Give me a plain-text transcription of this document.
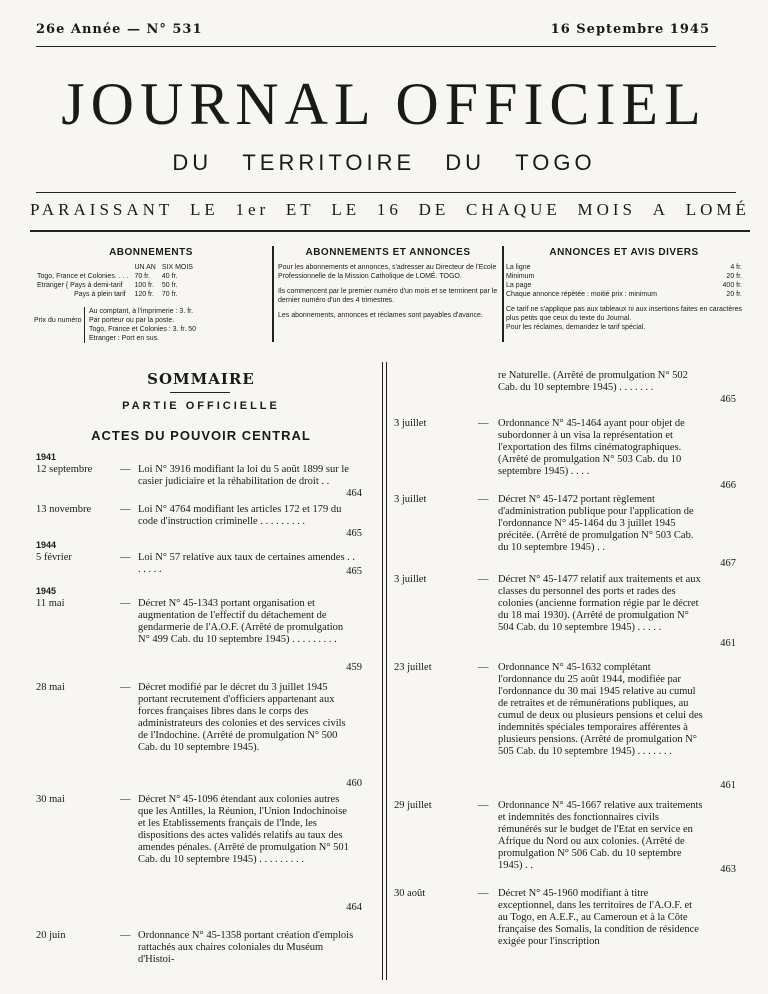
26e Année — N° 531	16 Septembre 1945
JOURNAL OFFICIEL
DU TERRITOIRE DU TOGO
PARAISSANT LE 1er ET LE 16 DE CHAQUE MOIS A LOMÉ
ABONNEMENTS
	UN AN	SIX MOIS
Togo, France et Colonies. . . .	70 fr.	40 fr.
Etranger { Pays à demi-tarif	100 fr.	50 fr.
Pays à plein tarif	120 fr.	70 fr.
Prix du numéro
Au comptant, à l'imprimerie : 3. fr.
Par porteur ou par la poste.
Togo, France et Colonies : 3. fr. 50
Etranger : Port en sus.
ABONNEMENTS ET ANNONCES

Pour les abonnements et annonces, s'adresser au Directeur de l'Ecole Professionnelle de la Mission Catholique de LOMÉ. TOGO.

Ils commencent par le premier numéro d'un mois et se terminent par le dernier numéro d'un des 4 trimestres.

Les abonnements, annonces et réclames sont payables d'avance.

ANNONCES ET AVIS DIVERS
La ligne	4 fr.
Minimum	20 fr.
La page	400 fr.
Chaque annonce répétée : moitié prix : minimum	20 fr.

Ce tarif ne s'applique pas aux tableaux ni aux insertions faites en caractères plus petits que ceux du texte du Journal.

Pour les réclames, demandez le tarif spécial.

SOMMAIRE
PARTIE OFFICIELLE
ACTES DU POUVOIR CENTRAL
1941
12 septembre	— Loi N° 3916 modifiant la loi du 5 août 1899 sur le casier judiciaire et la réhabilitation de droit . .
464
13 novembre	— Loi N° 4764 modifiant les articles 172 et 179 du code d'instruction criminelle . . . . . . . . .
465
1944
5 février	— Loi N° 57 relative aux taux de certaines amendes . . . . . . .	465
1945
11 mai	— Décret N° 45-1343 portant organisation et augmentation de l'effectif du détachement de gendarmerie de l'A.O.F. (Arrêté de promulgation N° 499 Cab. du 10 septembre 1945) . . . . . . . . .
459
28 mai	— Décret modifié par le décret du 3 juillet 1945 portant recrutement d'officiers appartenant aux forces françaises libres dans le corps des administrateurs des colonies et des services civils de l'Indochine. (Arrêté de promulgation N° 500 Cab. du 10 septembre 1945).
460
30 mai	— Décret N° 45-1096 étendant aux colonies autres que les Antilles, la Réunion, l'Union Indochinoise et les Etablissements français de l'Inde, les dispositions des actes validés relatifs au taux des amendes pénales. (Arrêté de promulgation N° 501 Cab. du 10 septembre 1945) . . . . . . . . .
464
20 juin	— Ordonnance N° 45-1358 portant création d'emplois rattachés aux chaires coloniales du Muséum d'Histoi-
re Naturelle. (Arrêté de promulgation N° 502 Cab. du 10 septembre 1945) . . . . . . .
465
3 juillet	— Ordonnance N° 45-1464 ayant pour objet de subordonner à un visa la représentation et l'exportation des films cinématographiques. (Arrêté de promulgation N° 503 Cab. du 10 septembre 1945) . . . .
466
3 juillet	— Décret N° 45-1472 portant règlement d'administration publique pour l'application de l'ordonnance N° 45-1464 du 3 juillet 1945 précitée. (Arrêté de promulgation N° 503 Cab. du 10 septembre 1945) . .
467
3 juillet	— Décret N° 45-1477 relatif aux traitements et aux classes du personnel des ports et rades des colonies (ancienne formation régie par le décret du 18 mai 1930). (Arrêté de promulgation N° 504 Cab. du 10 septembre 1945) . . . . .
461
23 juillet	— Ordonnance N° 45-1632 complétant l'ordonnance du 25 août 1944, modifiée par l'ordonnance du 30 mai 1945 relative au cumul de retraites et de rémunérations publiques, au cumul de deux ou plusieurs pensions et celui des indemnités spéciales temporaires afférentes à plusieurs pensions. (Arrêté de promulgation N° 505 Cab. du 10 septembre 1945) . . . . . . .
461
29 juillet	— Ordonnance N° 45-1667 relative aux traitements et indemnités des fonctionnaires civils rémunérés sur le budget de l'Etat en service en Afrique du Nord ou aux colonies. (Arrêté de promulgation N° 506 Cab. du 10 septembre 1945) . .	463
30 août	— Décret N° 45-1960 modifiant à titre exceptionnel, dans les territoires de l'A.O.F. et au Togo, en A.E.F., au Cameroun et à la Côte française des Somalis, la condition de résidence exigée pour l'inscription
